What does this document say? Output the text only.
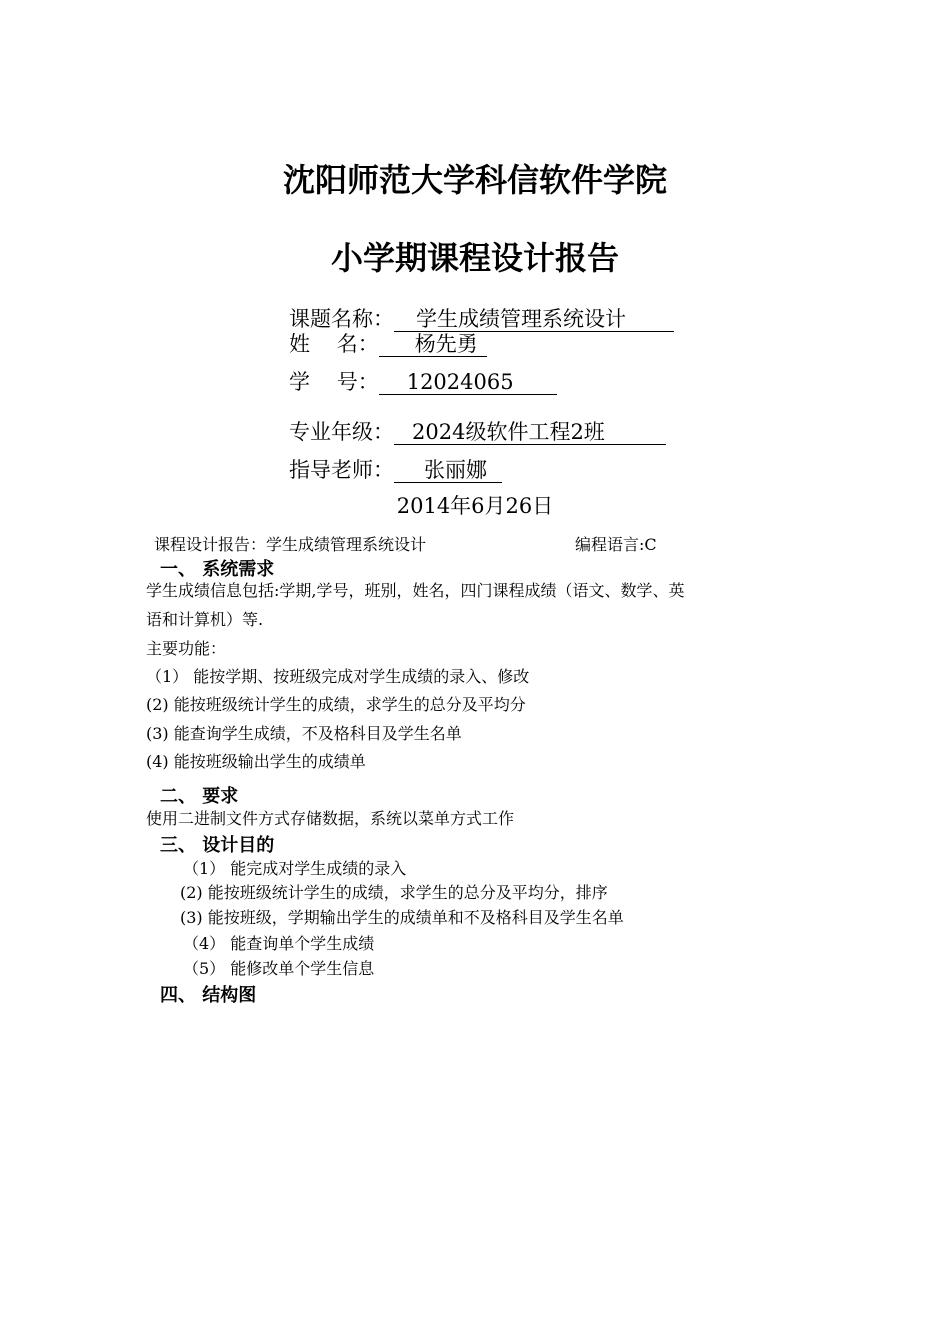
沈阳师范大学科信软件学院
小学期课程设计报告
课题名称： 学生成绩管理系统设计
姓    名： 杨先勇
学    号： 12024065
专业年级： 2024级软件工程2班
指导老师： 张丽娜
2014年6月26日
课程设计报告：学生成绩管理系统设计	编程语言:C
一、 系统需求
学生成绩信息包括:学期,学号，班别，姓名，四门课程成绩（语文、数学、英
语和计算机）等.
主要功能：
（1） 能按学期、按班级完成对学生成绩的录入、修改
(2) 能按班级统计学生的成绩，求学生的总分及平均分
(3) 能查询学生成绩，不及格科目及学生名单
(4) 能按班级输出学生的成绩单
二、 要求
使用二进制文件方式存储数据，系统以菜单方式工作
三、 设计目的
（1） 能完成对学生成绩的录入
(2) 能按班级统计学生的成绩，求学生的总分及平均分，排序
(3) 能按班级，学期输出学生的成绩单和不及格科目及学生名单
（4） 能查询单个学生成绩
（5） 能修改单个学生信息
四、 结构图
